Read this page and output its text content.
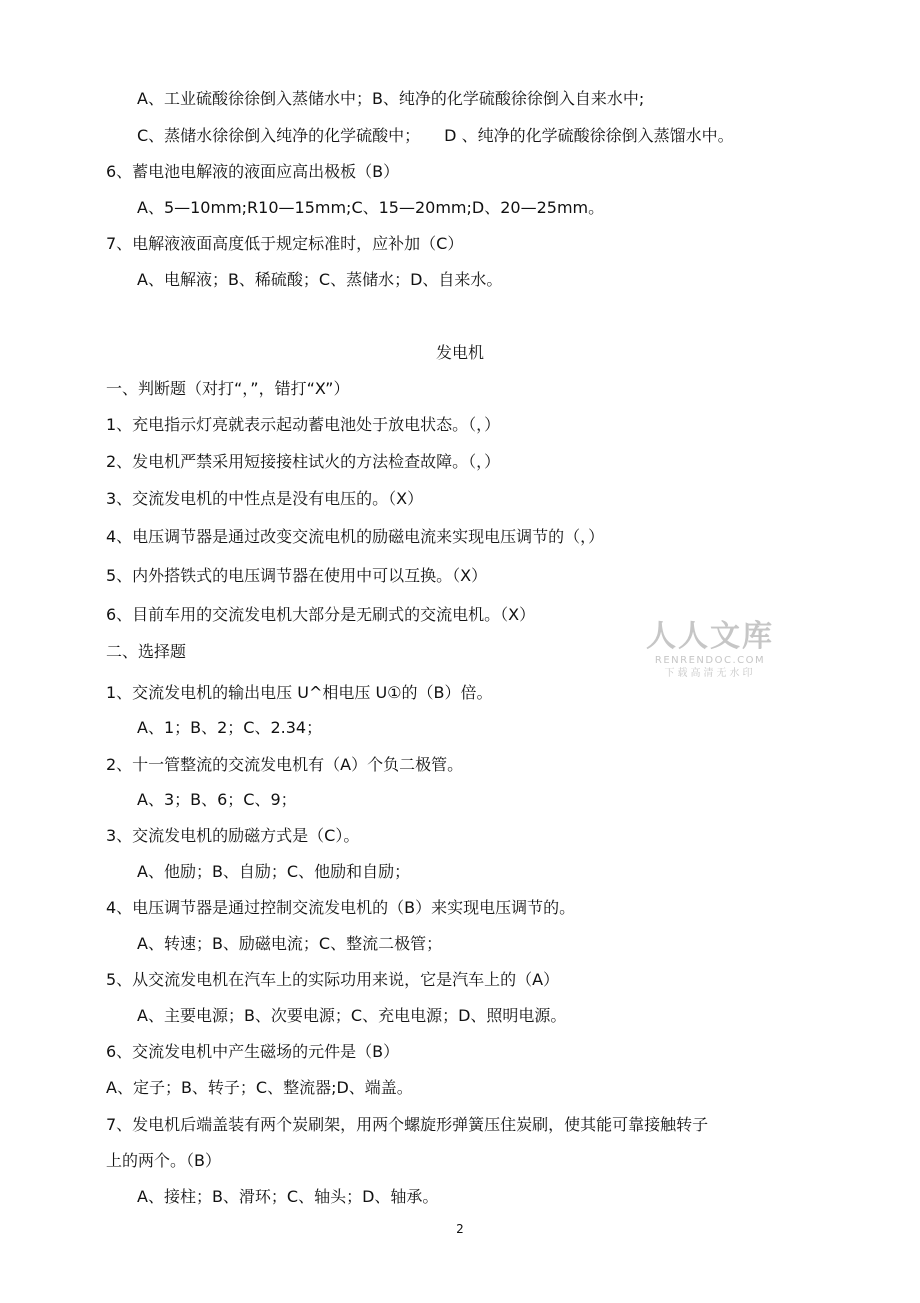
A、工业硫酸徐徐倒入蒸储水中；B、纯净的化学硫酸徐徐倒入自来水中;
C、蒸储水徐徐倒入纯净的化学硫酸中；　　D 、纯净的化学硫酸徐徐倒入蒸馏水中。
6、蓄电池电解液的液面应高出极板（B）
A、5—10mm;R10—15mm;C、15—20mm;D、20—25mm。
7、电解液液面高度低于规定标准时，应补加（C）
A、电解液；B、稀硫酸；C、蒸储水；D、自来水。
发电机
一、判断题（对打“，”，错打“X”）
1、充电指示灯亮就表示起动蓄电池处于放电状态。（，）
2、发电机严禁采用短接接柱试火的方法检查故障。（，）
3、交流发电机的中性点是没有电压的。（X）
4、电压调节器是通过改变交流电机的励磁电流来实现电压调节的（，）
5、内外搭铁式的电压调节器在使用中可以互换。（X）
6、目前车用的交流发电机大部分是无刷式的交流电机。（X）
二、选择题
1、交流发电机的输出电压 U^相电压 U①的（B）倍。
A、1；B、2；C、2.34；
2、十一管整流的交流发电机有（A）个负二极管。
A、3；B、6；C、9；
3、交流发电机的励磁方式是（C）。
A、他励；B、自励；C、他励和自励；
4、电压调节器是通过控制交流发电机的（B）来实现电压调节的。
A、转速；B、励磁电流；C、整流二极管；
5、从交流发电机在汽车上的实际功用来说，它是汽车上的（A）
A、主要电源；B、次要电源；C、充电电源；D、照明电源。
6、交流发电机中产生磁场的元件是（B）
A、定子；B、转子；C、整流器;D、端盖。
7、发电机后端盖装有两个炭刷架，用两个螺旋形弹簧压住炭刷，使其能可靠接触转子
上的两个。（B）
A、接柱；B、滑环；C、轴头；D、轴承。
人人文库
RENRENDOC.COM
下载高清无水印
2
